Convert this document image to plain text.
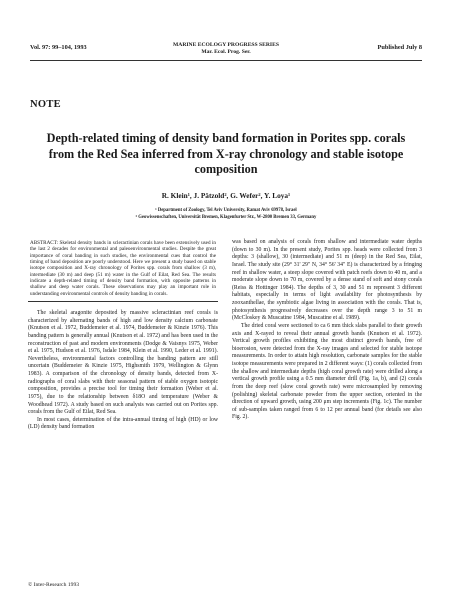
Vol. 97: 99–104, 1993	MARINE ECOLOGY PROGRESS SERIES
Mar. Ecol. Prog. Ser.
Published July 8
NOTE
Depth-related timing of density band formation in Porites spp. corals from the Red Sea inferred from X-ray chronology and stable isotope composition
R. Klein¹, J. Pätzold², G. Wefer², Y. Loya¹
¹ Department of Zoology, Tel Aviv University, Ramat Aviv 69978, Israel
² Geowissenschaften, Universität Bremen, Klagenfurter Str., W-2800 Bremen 33, Germany
ABSTRACT: Skeletal density bands in scleractinian corals have been extensively used in the last 2 decades for environmental and paleoenvironmental studies. Despite the great importance of coral banding in such studies, the environmental cues that control the timing of band deposition are poorly understood. Here we present a study based on stable isotope composition and X-ray chronology of Porites spp. corals from shallow (3 m), intermediate (30 m) and deep (51 m) water in the Gulf of Eilat, Red Sea. The results indicate a depth-related timing of density band formation, with opposite patterns in shallow and deep water corals. These observations may play an important role in understanding environmental controls of density banding in corals.

The skeletal aragonite deposited by massive scleractinian reef corals is characterized by alternating bands of high and low density calcium carbonate (Knutson et al. 1972, Buddemeier et al. 1974, Buddemeier & Kinzie 1976). This banding pattern is generally annual (Knutson et al. 1972) and has been used in the reconstruction of past and modern environments (Dodge & Vaisnys 1975, Weber et al. 1975, Hudson et al. 1976, Isdale 1984, Klein et al. 1990, Leder et al. 1991). Nevertheless, environmental factors controlling the banding pattern are still uncertain (Buddemeier & Kinzie 1975, Highsmith 1979, Wellington & Glynn 1983). A comparison of the chronology of density bands, detected from X-radiographs of coral slabs with their seasonal pattern of stable oxygen isotopic composition, provides a precise tool for timing their formation (Weber et al. 1975), due to the relationship between δ18O and temperature (Weber & Woodhead 1972). A study based on such analysis was carried out on Porites spp. corals from the Gulf of Eilat, Red Sea.

In most cases, determination of the intra-annual timing of high (HD) or low (LD) density band formation

was based on analysis of corals from shallow and intermediate water depths (down to 30 m). In the present study, Porites spp. heads were collected from 3 depths: 3 (shallow), 30 (intermediate) and 51 m (deep) in the Red Sea, Eilat, Israel. The study site (29° 31' 29" N, 34° 56' 34" E) is characterized by a fringing reef in shallow water, a steep slope covered with patch reefs down to 40 m, and a moderate slope down to 70 m, covered by a dense stand of soft and stony corals (Reiss & Hottinger 1984). The depths of 3, 30 and 51 m represent 3 different habitats, especially in terms of light availability for photosynthesis by zooxanthellae, the symbiotic algae living in association with the corals. That is, photosynthesis progressively decreases over the depth range 3 to 51 m (McCloskey & Muscatine 1984, Muscatine et al. 1989).

The dried coral were sectioned to ca 6 mm thick slabs parallel to their growth axis and X-rayed to reveal their annual growth bands (Knutson et al. 1972). Vertical growth profiles exhibiting the most distinct growth bands, free of bioerosion, were detected from the X-ray images and selected for stable isotope measurements. In order to attain high resolution, carbonate samples for the stable isotope measurements were prepared in 2 different ways: (1) corals collected from the shallow and intermediate depths (high coral growth rate) were drilled along a vertical growth profile using a 0.5 mm diameter drill (Fig. 1a, b), and (2) corals from the deep reef (slow coral growth rate) were microsampled by removing (polishing) skeletal carbonate powder from the upper section, oriented in the direction of upward growth, using 200 μm step increments (Fig. 1c). The number of sub-samples taken ranged from 6 to 12 per annual band (for details see also Fig. 2).

© Inter-Research 1993
